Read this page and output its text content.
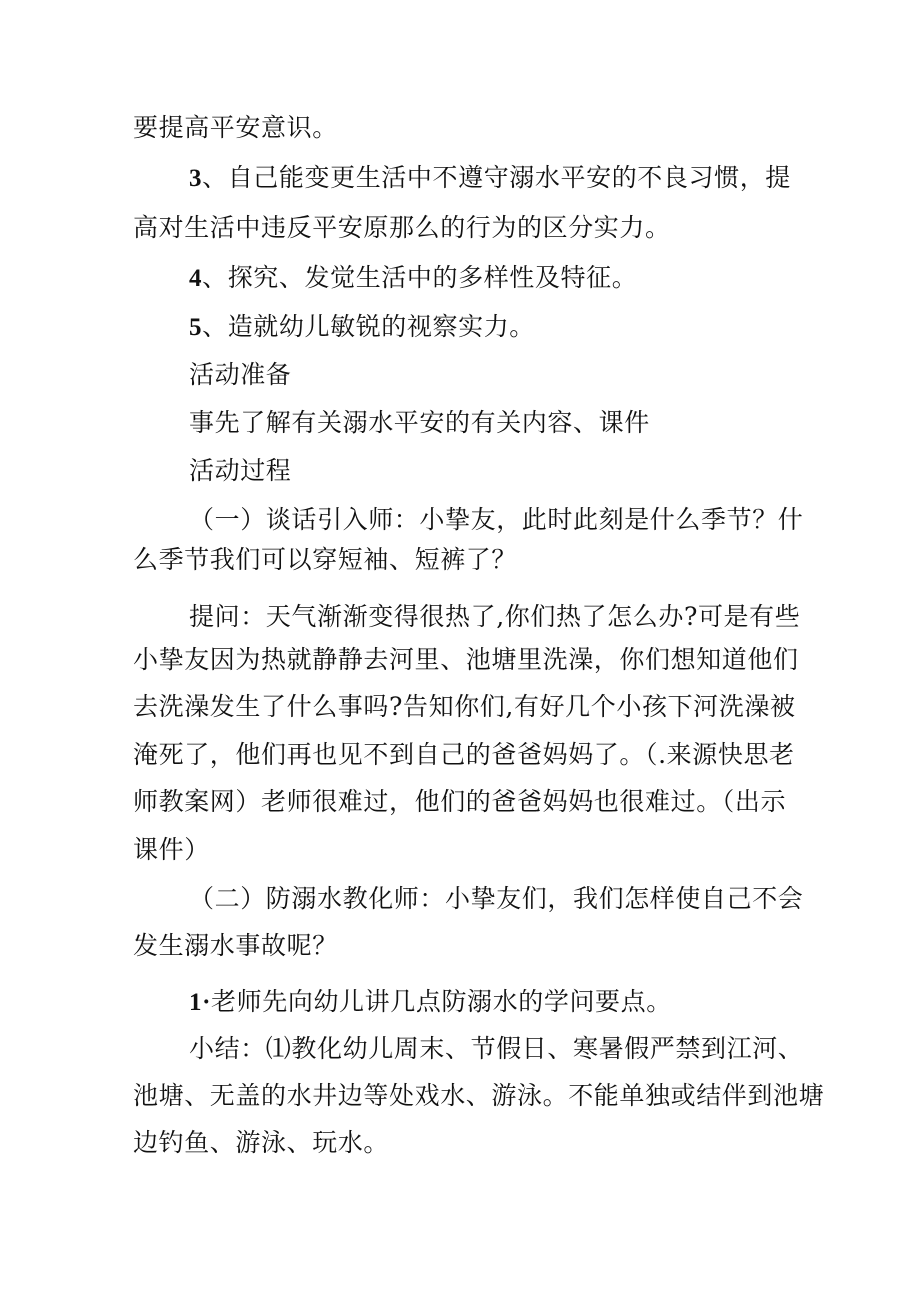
要提高平安意识。
3、自己能变更生活中不遵守溺水平安的不良习惯，提
高对生活中违反平安原那么的行为的区分实力。
4、探究、发觉生活中的多样性及特征。
5、造就幼儿敏锐的视察实力。
活动准备
事先了解有关溺水平安的有关内容、课件
活动过程
（一）谈话引入师：小挚友，此时此刻是什么季节？什
么季节我们可以穿短袖、短裤了？
提问：天气渐渐变得很热了,你们热了怎么办?可是有些
小挚友因为热就静静去河里、池塘里洗澡，你们想知道他们
去洗澡发生了什么事吗?告知你们,有好几个小孩下河洗澡被
淹死了，他们再也见不到自己的爸爸妈妈了。（.来源快思老
师教案网）老师很难过，他们的爸爸妈妈也很难过。（出示
课件）
（二）防溺水教化师：小挚友们，我们怎样使自己不会
发生溺水事故呢？
1·老师先向幼儿讲几点防溺水的学问要点。
小结：⑴教化幼儿周末、节假日、寒暑假严禁到江河、
池塘、无盖的水井边等处戏水、游泳。不能单独或结伴到池塘
边钓鱼、游泳、玩水。
